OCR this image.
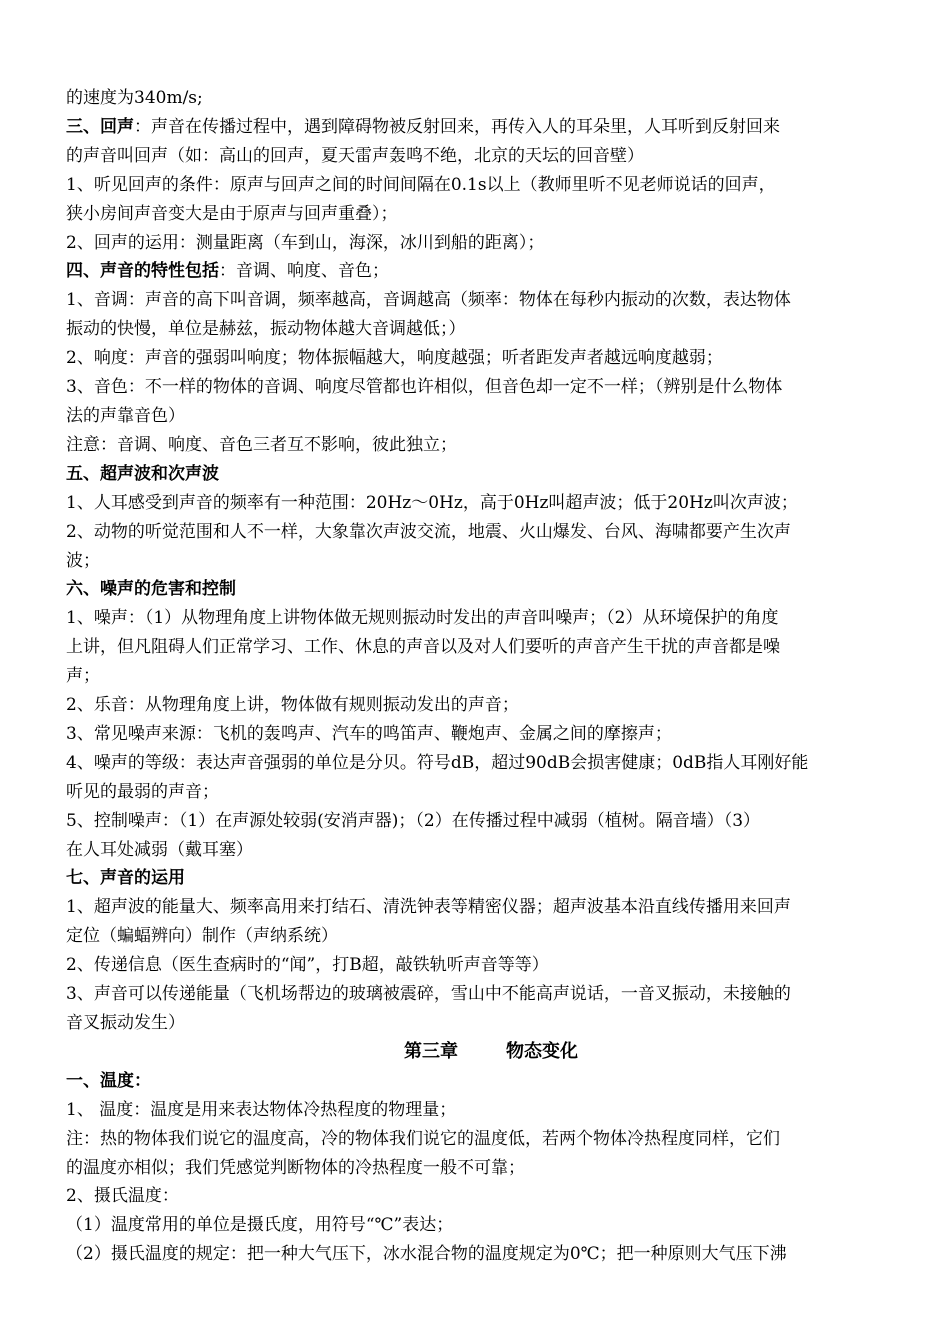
的速度为340m/s;
三、回声：声音在传播过程中，遇到障碍物被反射回来，再传入人的耳朵里，人耳听到反射回来
的声音叫回声（如：高山的回声，夏天雷声轰鸣不绝，北京的天坛的回音壁）
1、听见回声的条件：原声与回声之间的时间间隔在0.1s以上（教师里听不见老师说话的回声，
狭小房间声音变大是由于原声与回声重叠）；
2、回声的运用：测量距离（车到山，海深，冰川到船的距离）；
四、声音的特性包括：音调、响度、音色；
1、音调：声音的高下叫音调，频率越高，音调越高（频率：物体在每秒内振动的次数，表达物体
振动的快慢，单位是赫兹，振动物体越大音调越低；）
2、响度：声音的强弱叫响度；物体振幅越大，响度越强；听者距发声者越远响度越弱；
3、音色：不一样的物体的音调、响度尽管都也许相似，但音色却一定不一样；（辨别是什么物体
法的声靠音色）
注意：音调、响度、音色三者互不影响，彼此独立；
五、超声波和次声波
1、人耳感受到声音的频率有一种范围：20Hz～0Hz，高于0Hz叫超声波；低于20Hz叫次声波；
2、动物的听觉范围和人不一样，大象靠次声波交流，地震、火山爆发、台风、海啸都要产生次声
波；
六、噪声的危害和控制
1、噪声：（1）从物理角度上讲物体做无规则振动时发出的声音叫噪声；（2）从环境保护的角度
上讲，但凡阻碍人们正常学习、工作、休息的声音以及对人们要听的声音产生干扰的声音都是噪
声；
2、乐音：从物理角度上讲，物体做有规则振动发出的声音；
3、常见噪声来源：飞机的轰鸣声、汽车的鸣笛声、鞭炮声、金属之间的摩擦声；
4、噪声的等级：表达声音强弱的单位是分贝。符号dB，超过90dB会损害健康；0dB指人耳刚好能
听见的最弱的声音；
5、控制噪声：（1）在声源处较弱(安消声器)；（2）在传播过程中减弱（植树。隔音墙）（3）
在人耳处减弱（戴耳塞）
七、声音的运用
1、超声波的能量大、频率高用来打结石、清洗钟表等精密仪器；超声波基本沿直线传播用来回声
定位（蝙蝠辨向）制作（声纳系统）
2、传递信息（医生查病时的“闻”，打B超，敲铁轨听声音等等）
3、声音可以传递能量（飞机场帮边的玻璃被震碎，雪山中不能高声说话，一音叉振动，未接触的
音叉振动发生）
第三章	物态变化
一、温度：
1、 温度：温度是用来表达物体冷热程度的物理量；
注：热的物体我们说它的温度高，冷的物体我们说它的温度低，若两个物体冷热程度同样，它们
的温度亦相似；我们凭感觉判断物体的冷热程度一般不可靠；
2、摄氏温度：
（1）温度常用的单位是摄氏度，用符号“℃”表达；
（2）摄氏温度的规定：把一种大气压下，冰水混合物的温度规定为0℃；把一种原则大气压下沸
